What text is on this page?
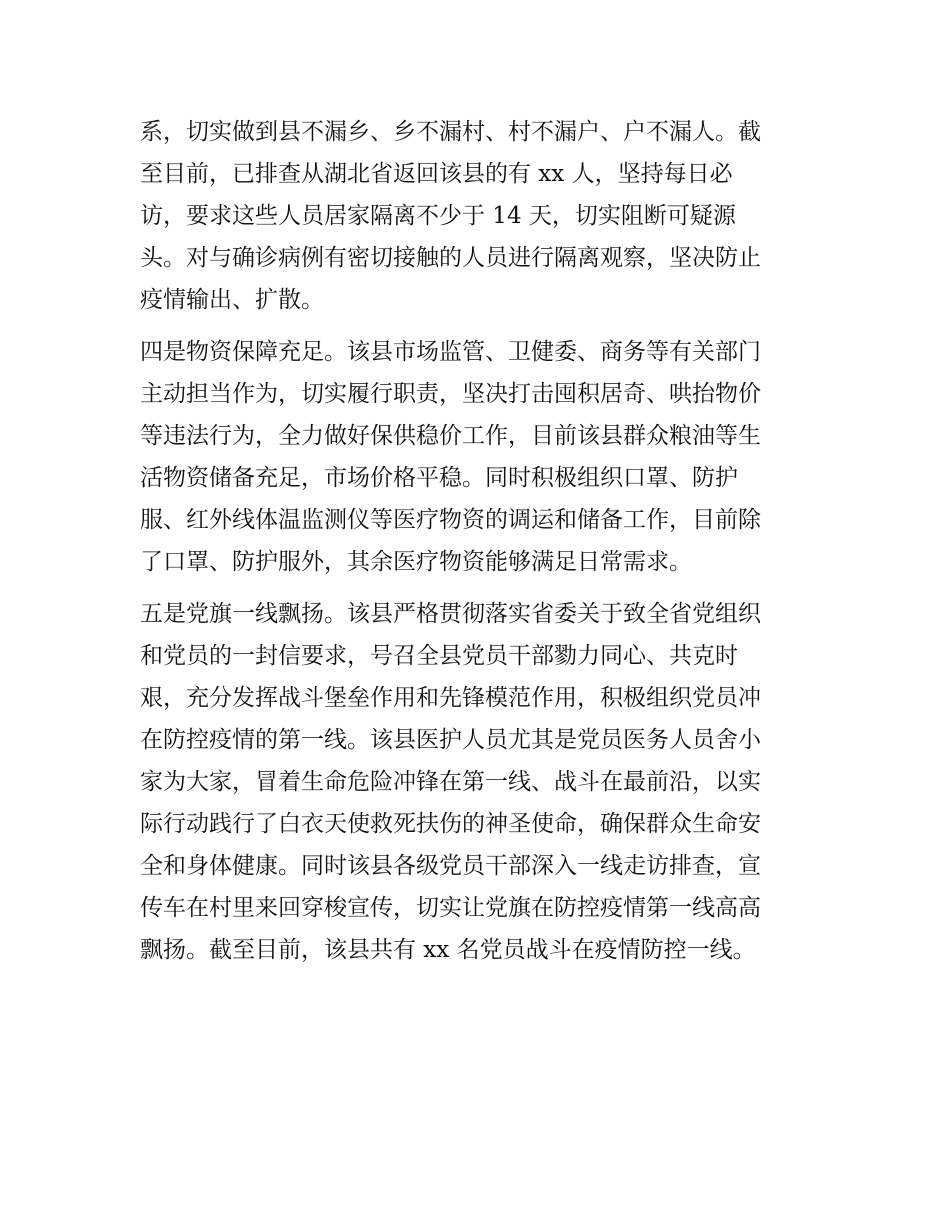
系，切实做到县不漏乡、乡不漏村、村不漏户、户不漏人。截
至目前，已排查从湖北省返回该县的有 xx 人，坚持每日必
访，要求这些人员居家隔离不少于 14 天，切实阻断可疑源
头。对与确诊病例有密切接触的人员进行隔离观察，坚决防止
疫情输出、扩散。
四是物资保障充足。该县市场监管、卫健委、商务等有关部门
主动担当作为，切实履行职责，坚决打击囤积居奇、哄抬物价
等违法行为，全力做好保供稳价工作，目前该县群众粮油等生
活物资储备充足，市场价格平稳。同时积极组织口罩、防护
服、红外线体温监测仪等医疗物资的调运和储备工作，目前除
了口罩、防护服外，其余医疗物资能够满足日常需求。
五是党旗一线飘扬。该县严格贯彻落实省委关于致全省党组织
和党员的一封信要求，号召全县党员干部勠力同心、共克时
艰，充分发挥战斗堡垒作用和先锋模范作用，积极组织党员冲
在防控疫情的第一线。该县医护人员尤其是党员医务人员舍小
家为大家，冒着生命危险冲锋在第一线、战斗在最前沿，以实
际行动践行了白衣天使救死扶伤的神圣使命，确保群众生命安
全和身体健康。同时该县各级党员干部深入一线走访排查，宣
传车在村里来回穿梭宣传，切实让党旗在防控疫情第一线高高
飘扬。截至目前，该县共有 xx 名党员战斗在疫情防控一线。
